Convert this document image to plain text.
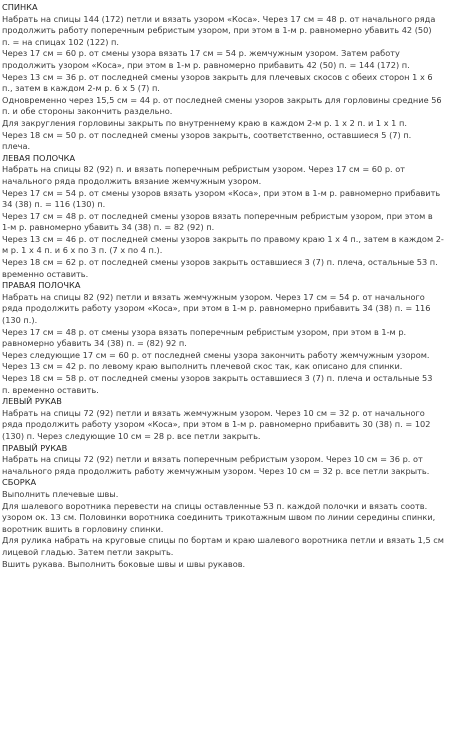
СПИНКА
Набрать на спицы 144 (172) петли и вязать узором «Коса». Через 17 см = 48 р. от начального ряда
продолжить работу поперечным ребристым узором, при этом в 1-м р. равномерно убавить 42 (50)
п. = на спицах 102 (122) п.
Через 17 см = 60 р. от смены узора вязать 17 см = 54 р. жемчужным узором. Затем работу
продолжить узором «Коса», при этом в 1-м р. равномерно прибавить 42 (50) п. = 144 (172) п.
Через 13 см = 36 р. от последней смены узоров закрыть для плечевых скосов с обеих сторон 1 х 6
п., затем в каждом 2-м р. 6 х 5 (7) п.
Одновременно через 15,5 см = 44 р. от последней смены узоров закрыть для горловины средние 56
п. и обе стороны закончить раздельно.
Для закругления горловины закрыть по внутреннему краю в каждом 2-м р. 1 х 2 п. и 1 х 1 п.
Через 18 см = 50 р. от последней смены узоров закрыть, соответственно, оставшиеся 5 (7) п.
плеча.
ЛЕВАЯ ПОЛОЧКА
Набрать на спицы 82 (92) п. и вязать поперечным ребристым узором. Через 17 см = 60 р. от
начального ряда продолжить вязание жемчужным узором.
Через 17 см = 54 р. от смены узоров вязать узором «Коса», при этом в 1-м р. равномерно прибавить
34 (38) п. = 116 (130) п.
Через 17 см = 48 р. от последней смены узоров вязать поперечным ребристым узором, при этом в
1-м р. равномерно убавить 34 (38) п. = 82 (92) п.
Через 13 см = 46 р. от последней смены узоров закрыть по правому краю 1 х 4 п., затем в каждом 2-
м р. 1 х 4 п. и 6 х по 3 п. (7 х по 4 п.).
Через 18 см = 62 р. от последней смены узоров закрыть оставшиеся 3 (7) п. плеча, остальные 53 п.
временно оставить.
ПРАВАЯ ПОЛОЧКА
Набрать на спицы 82 (92) петли и вязать жемчужным узором. Через 17 см = 54 р. от начального
ряда продолжить работу узором «Коса», при этом в 1-м р. равномерно прибавить 34 (38) п. = 116
(130 п.).
Через 17 см = 48 р. от смены узора вязать поперечным ребристым узором, при этом в 1-м р.
равномерно убавить 34 (38) п. = (82) 92 п.
Через следующие 17 см = 60 р. от последней смены узора закончить работу жемчужным узором.
Через 13 см = 42 р. по левому краю выполнить плечевой скос так, как описано для спинки.
Через 18 см = 58 р. от последней смены узоров закрыть оставшиеся 3 (7) п. плеча и остальные 53
п. временно оставить.
ЛЕВЫЙ РУКАВ
Набрать на спицы 72 (92) петли и вязать жемчужным узором. Через 10 см = 32 р. от начального
ряда продолжить работу узором «Коса», при этом в 1-м р. равномерно прибавить 30 (38) п. = 102
(130) п. Через следующие 10 см = 28 р. все петли закрыть.
ПРАВЫЙ РУКАВ
Набрать на спицы 72 (92) петли и вязать поперечным ребристым узором. Через 10 см = 36 р. от
начального ряда продолжить работу жемчужным узором. Через 10 см = 32 р. все петли закрыть.
СБОРКА
Выполнить плечевые швы.
Для шалевого воротника перевести на спицы оставленные 53 п. каждой полочки и вязать соотв.
узором ок. 13 см. Половинки воротника соединить трикотажным швом по линии середины спинки,
воротник вшить в горловину спинки.
Для рулика набрать на круговые спицы по бортам и краю шалевого воротника петли и вязать 1,5 см
лицевой гладью. Затем петли закрыть.
Вшить рукава. Выполнить боковые швы и швы рукавов.
